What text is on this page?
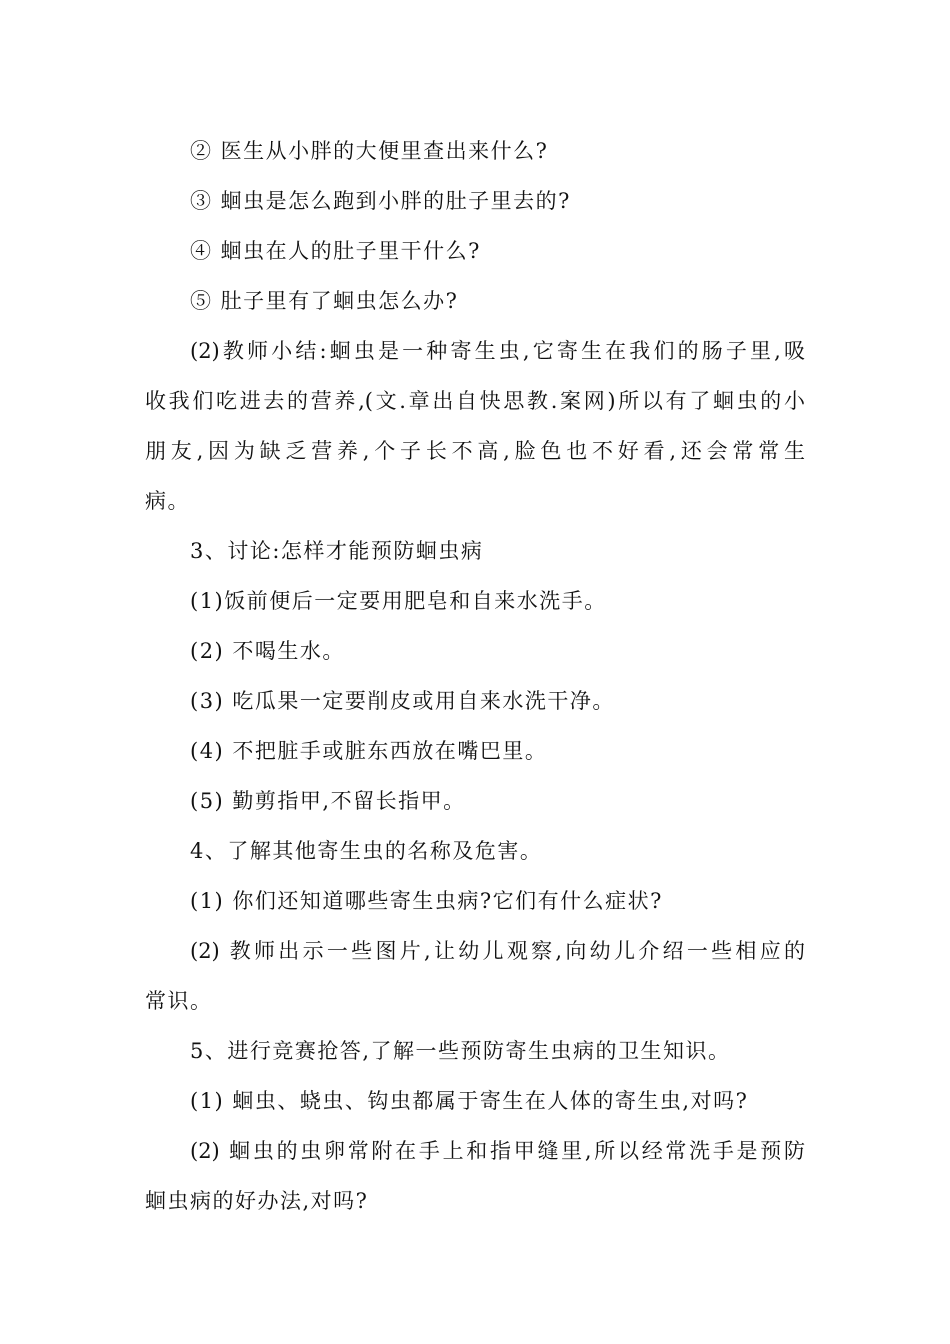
② 医生从小胖的大便里查出来什么?
③ 蛔虫是怎么跑到小胖的肚子里去的?
④ 蛔虫在人的肚子里干什么?
⑤ 肚子里有了蛔虫怎么办?
(2)教师小结:蛔虫是一种寄生虫,它寄生在我们的肠子里,吸
收我们吃进去的营养,(文.章出自快思教.案网)所以有了蛔虫的小
朋友,因为缺乏营养,个子长不高,脸色也不好看,还会常常生
病。
3、讨论:怎样才能预防蛔虫病
(1)饭前便后一定要用肥皂和自来水洗手。
(2) 不喝生水。
(3) 吃瓜果一定要削皮或用自来水洗干净。
(4) 不把脏手或脏东西放在嘴巴里。
(5) 勤剪指甲,不留长指甲。
4、了解其他寄生虫的名称及危害。
(1) 你们还知道哪些寄生虫病?它们有什么症状?
(2) 教师出示一些图片,让幼儿观察,向幼儿介绍一些相应的
常识。
5、进行竞赛抢答,了解一些预防寄生虫病的卫生知识。
(1) 蛔虫、蛲虫、钩虫都属于寄生在人体的寄生虫,对吗?
(2) 蛔虫的虫卵常附在手上和指甲缝里,所以经常洗手是预防
蛔虫病的好办法,对吗?
